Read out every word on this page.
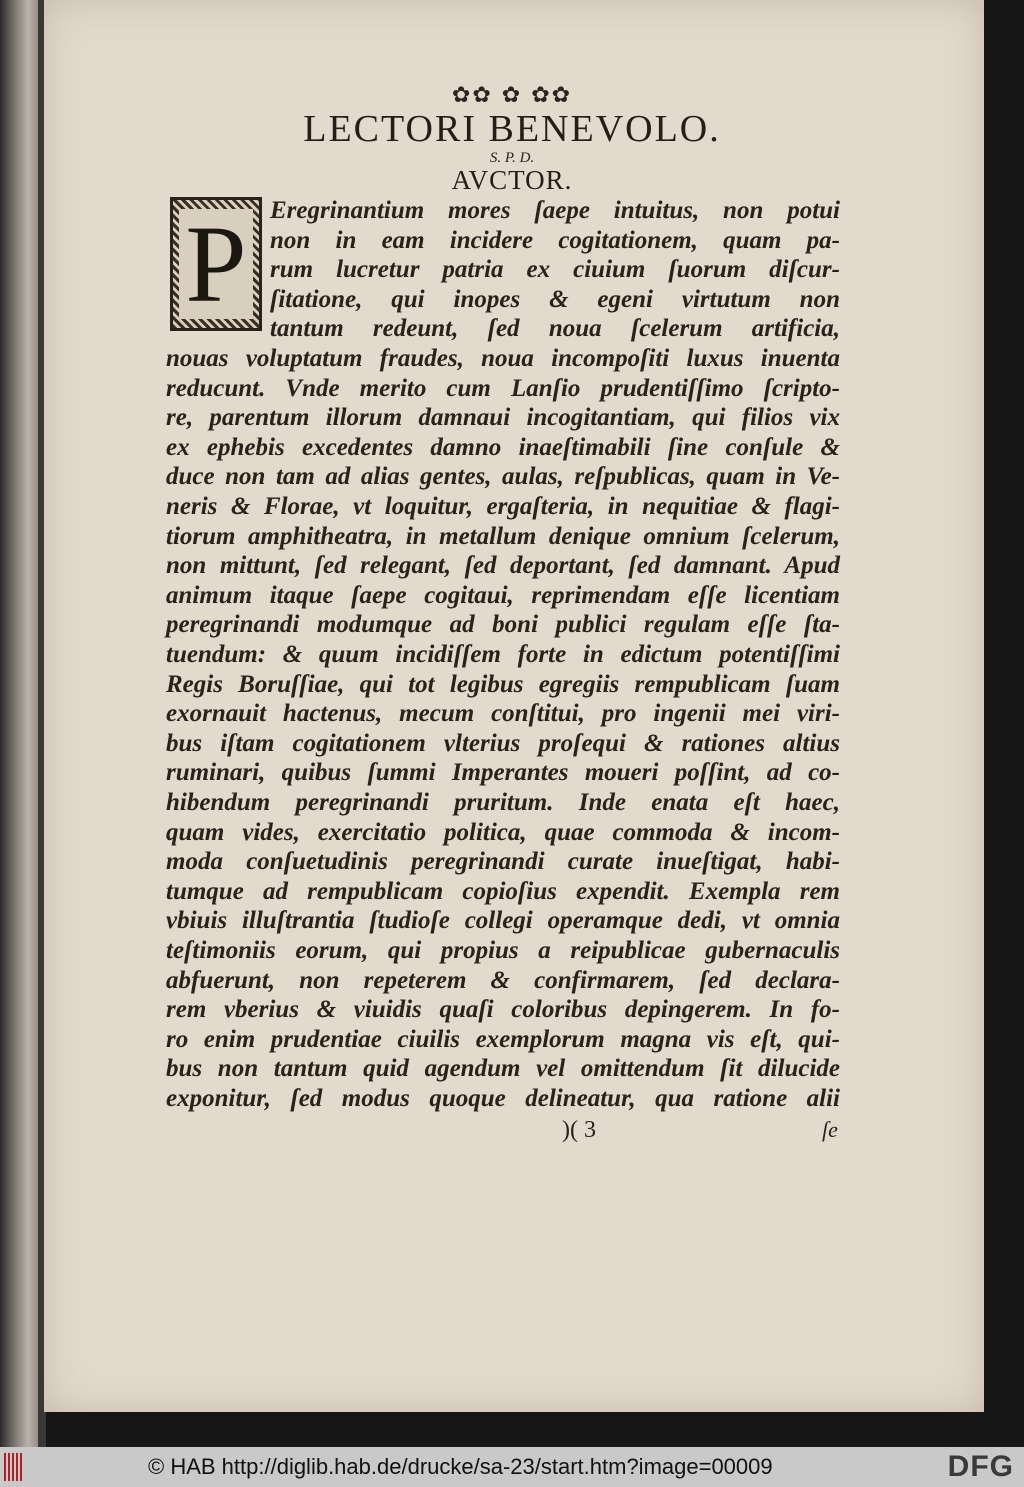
✿✿ ✿ ✿✿
LECTORI BENEVOLO.
S. P. D.
AVCTOR.
P Eregrinantium mores ſaepe intuitus, non potui
non in eam incidere cogitationem, quam pa-
rum lucretur patria ex ciuium ſuorum diſcur-
ſitatione, qui inopes & egeni virtutum non
tantum redeunt, ſed noua ſcelerum artificia,
nouas voluptatum fraudes, noua incompoſiti luxus inuenta
reducunt. Vnde merito cum Lanſio prudentiſſimo ſcripto-
re, parentum illorum damnaui incogitantiam, qui filios vix
ex ephebis excedentes damno inaeſtimabili ſine conſule &
duce non tam ad alias gentes, aulas, reſpublicas, quam in Ve-
neris & Florae, vt loquitur, ergaſteria, in nequitiae & flagi-
tiorum amphitheatra, in metallum denique omnium ſcelerum,
non mittunt, ſed relegant, ſed deportant, ſed damnant. Apud
animum itaque ſaepe cogitaui, reprimendam eſſe licentiam
peregrinandi modumque ad boni publici regulam eſſe ſta-
tuendum: & quum incidiſſem forte in edictum potentiſſimi
Regis Boruſſiae, qui tot legibus egregiis rempublicam ſuam
exornauit hactenus, mecum conſtitui, pro ingenii mei viri-
bus iſtam cogitationem vlterius proſequi & rationes altius
ruminari, quibus ſummi Imperantes moueri poſſint, ad co-
hibendum peregrinandi pruritum. Inde enata eſt haec,
quam vides, exercitatio politica, quae commoda & incom-
moda conſuetudinis peregrinandi curate inueſtigat, habi-
tumque ad rempublicam copioſius expendit. Exempla rem
vbiuis illuſtrantia ſtudioſe collegi operamque dedi, vt omnia
teſtimoniis eorum, qui propius a reipublicae gubernaculis
abfuerunt, non repeterem & confirmarem, ſed declara-
rem vberius & viuidis quaſi coloribus depingerem. In fo-
ro enim prudentiae ciuilis exemplorum magna vis eſt, qui-
bus non tantum quid agendum vel omittendum ſit dilucide
exponitur, ſed modus quoque delineatur, qua ratione alii
)( 3	ſe
© HAB http://diglib.hab.de/drucke/sa-23/start.htm?image=00009	DFG
